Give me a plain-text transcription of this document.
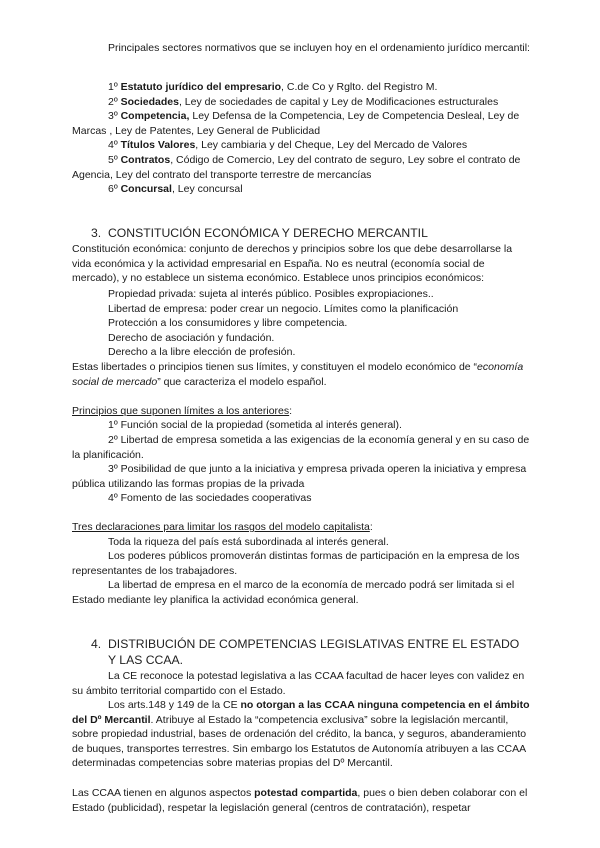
Principales sectores normativos que se incluyen hoy en el ordenamiento jurídico mercantil:

1º Estatuto jurídico del empresario, C.de Co y Rglto. del Registro M.

2º Sociedades, Ley de sociedades de capital y Ley de Modificaciones estructurales

3º Competencia, Ley Defensa de la Competencia, Ley de Competencia Desleal, Ley de Marcas , Ley de Patentes, Ley General de Publicidad

4º Títulos Valores, Ley cambiaria y del Cheque, Ley del Mercado de Valores

5º Contratos, Código de Comercio, Ley del contrato de seguro, Ley sobre el contrato de Agencia, Ley del contrato del transporte terrestre de mercancías

6º Concursal, Ley concursal

3. CONSTITUCIÓN ECONÓMICA Y DERECHO MERCANTIL

Constitución económica: conjunto de derechos y principios sobre los que debe desarrollarse la vida económica y la actividad empresarial en España. No es neutral (economía social de mercado), y no establece un sistema económico. Establece unos principios económicos:

Propiedad privada: sujeta al interés público. Posibles expropiaciones..

Libertad de empresa: poder crear un negocio. Límites como la planificación

Protección a los consumidores y libre competencia.

Derecho de asociación y fundación.

Derecho a la libre elección de profesión.

Estas libertades o principios tienen sus límites, y constituyen el modelo económico de “economía social de mercado” que caracteriza el modelo español.

Principios que suponen límites a los anteriores:

1º Función social de la propiedad (sometida al interés general).

2º Libertad de empresa sometida a las exigencias de la economía general y en su caso de la planificación.

3º Posibilidad de que junto a la iniciativa y empresa privada operen la iniciativa y empresa pública utilizando las formas propias de la privada

4º Fomento de las sociedades cooperativas

Tres declaraciones para limitar los rasgos del modelo capitalista:

Toda la riqueza del país está subordinada al interés general.

Los poderes públicos promoverán distintas formas de participación en la empresa de los representantes de los trabajadores.

La libertad de empresa en el marco de la economía de mercado podrá ser limitada si el Estado mediante ley planifica la actividad económica general.

4. DISTRIBUCIÓN DE COMPETENCIAS LEGISLATIVAS ENTRE EL ESTADO
Y LAS CCAA.

La CE reconoce la potestad legislativa a las CCAA facultad de hacer leyes con validez en su ámbito territorial compartido con el Estado.

Los arts.148 y 149 de la CE no otorgan a las CCAA ninguna competencia en el ámbito del Dº Mercantil. Atribuye al Estado la “competencia exclusiva” sobre la legislación mercantil, sobre propiedad industrial, bases de ordenación del crédito, la banca, y seguros, abanderamiento de buques, transportes terrestres. Sin embargo los Estatutos de Autonomía atribuyen a las CCAA determinadas competencias sobre materias propias del Dº Mercantil.

Las CCAA tienen en algunos aspectos potestad compartida, pues o bien deben colaborar con el Estado (publicidad), respetar la legislación general (centros de contratación), respetar
